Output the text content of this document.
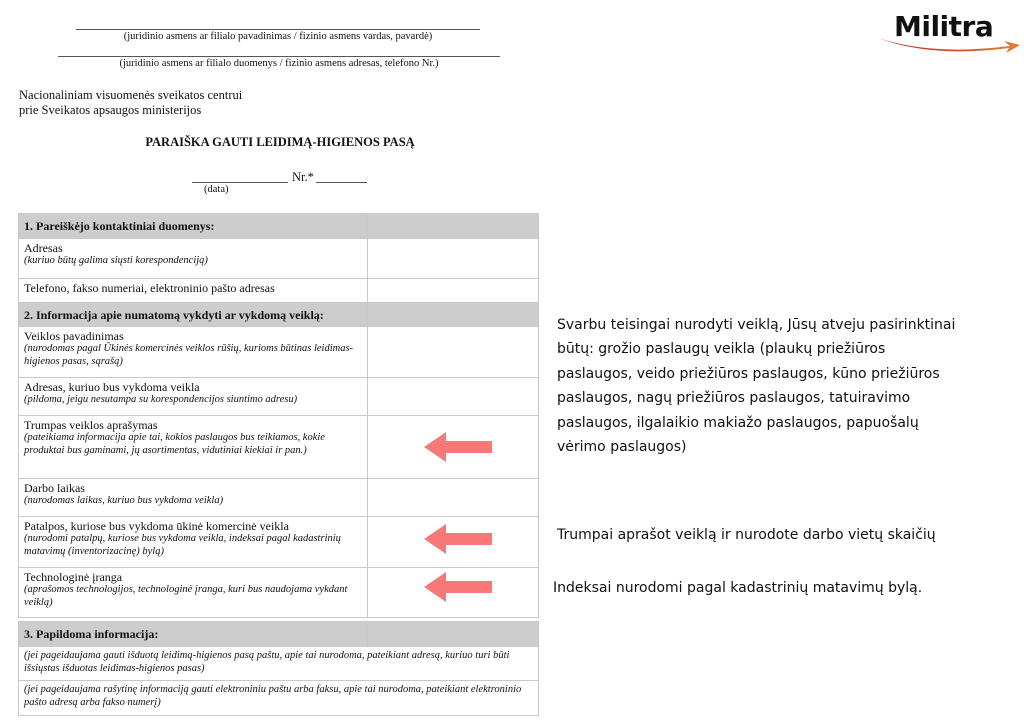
Militra
(juridinio asmens ar filialo pavadinimas / fizinio asmens vardas, pavardė)
(juridinio asmens ar filialo duomenys / fizinio asmens adresas, telefono Nr.)
Nacionaliniam visuomenės sveikatos centrui
prie Sveikatos apsaugos ministerijos
PARAIŠKA GAUTI LEIDIMĄ-HIGIENOS PASĄ
Nr.*
(data)
1. Pareiškėjo kontaktiniai duomenys:	

Adresas
(kuriuo būtų galima siųsti korespondenciją)	

Telefono, fakso numeriai, elektroninio pašto adresas	

2. Informacija apie numatomą vykdyti ar vykdomą veiklą:	

Veiklos pavadinimas
(nurodomas pagal Ūkinės komercinės veiklos rūšių, kurioms būtinas leidimas-higienos pasas, sąrašą)	

Adresas, kuriuo bus vykdoma veikla
(pildoma, jeigu nesutampa su korespondencijos siuntimo adresu)	

Trumpas veiklos aprašymas
(pateikiama informacija apie tai, kokios paslaugos bus teikiamos, kokie produktai bus gaminami, jų asortimentas, vidutiniai kiekiai ir pan.)

Darbo laikas
(nurodomas laikas, kuriuo bus vykdoma veikla)	

Patalpos, kuriose bus vykdoma ūkinė komercinė veikla
(nurodomi patalpų, kuriose bus vykdoma veikla, indeksai pagal kadastrinių matavimų (inventorizacinę) bylą)

Technologinė įranga
(aprašomos technologijos, technologinė įranga, kuri bus naudojama vykdant veiklą)

3. Papildoma informacija:	

(jei pageidaujama gauti išduotą leidimą-higienos pasą paštu, apie tai nurodoma, pateikiant adresą, kuriuo turi būti išsiųstas išduotas leidimas-higienos pasas)	

(jei pageidaujama rašytinę informaciją gauti elektroniniu paštu arba faksu, apie tai nurodoma, pateikiant elektroninio pašto adresą arba fakso numerį)	
Svarbu teisingai nurodyti veiklą, Jūsų atveju pasirinktinai būtų: grožio paslaugų veikla (plaukų priežiūros paslaugos, veido priežiūros paslaugos, kūno priežiūros paslaugos, nagų priežiūros paslaugos, tatuiravimo paslaugos, ilgalaikio makiažo paslaugos, papuošalų vėrimo paslaugos)
Trumpai aprašot veiklą ir nurodote darbo vietų skaičių
Indeksai nurodomi pagal kadastrinių matavimų bylą.
